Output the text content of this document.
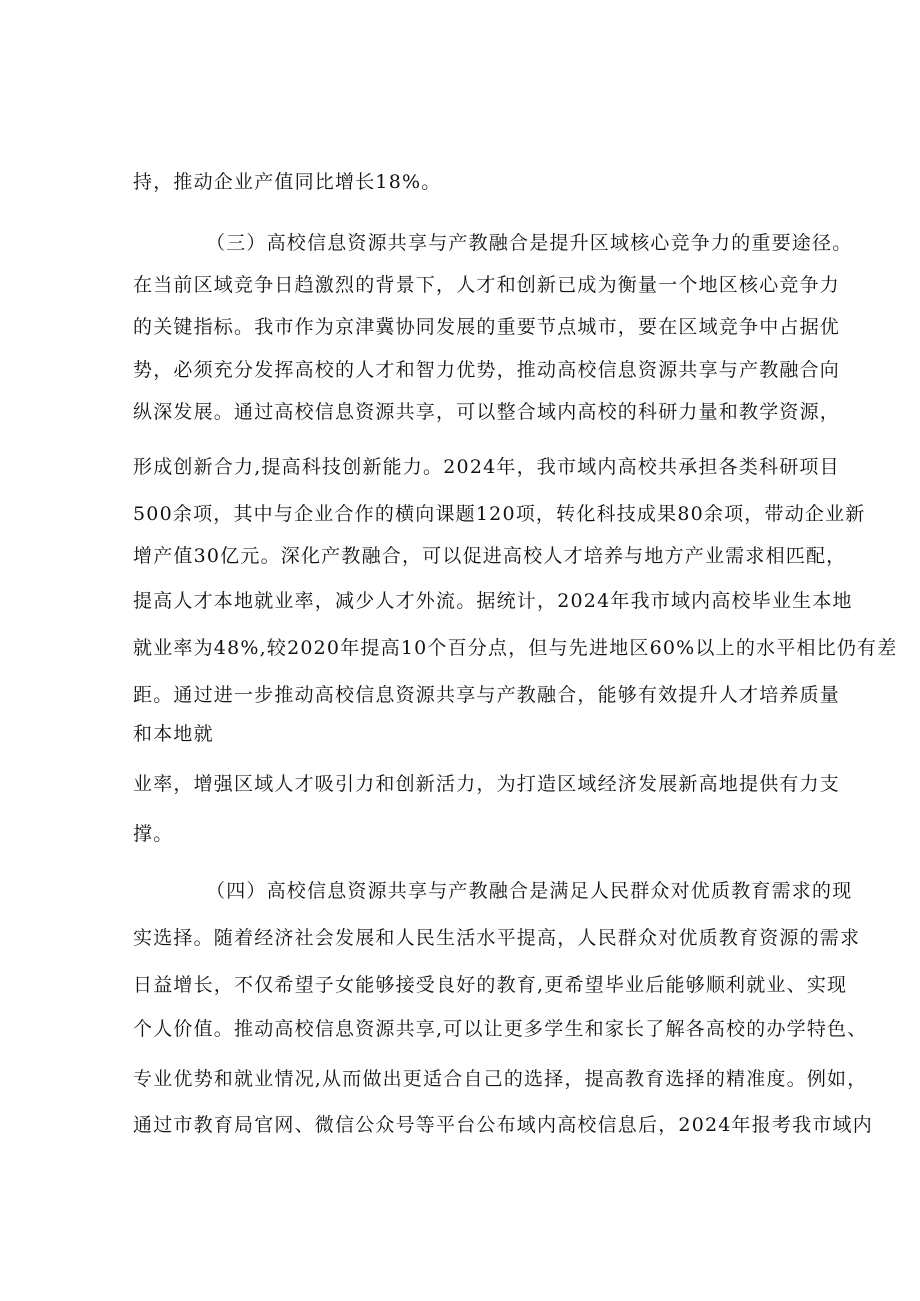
持，推动企业产值同比增长18%。
（三）高校信息资源共享与产教融合是提升区域核心竞争力的重要途径。
在当前区域竞争日趋激烈的背景下，人才和创新已成为衡量一个地区核心竞争力
的关键指标。我市作为京津冀协同发展的重要节点城市，要在区域竞争中占据优
势，必须充分发挥高校的人才和智力优势，推动高校信息资源共享与产教融合向
纵深发展。通过高校信息资源共享，可以整合域内高校的科研力量和教学资源，
形成创新合力,提高科技创新能力。2024年，我市域内高校共承担各类科研项目
500余项，其中与企业合作的横向课题120项，转化科技成果80余项，带动企业新
增产值30亿元。深化产教融合，可以促进高校人才培养与地方产业需求相匹配，
提高人才本地就业率，减少人才外流。据统计，2024年我市域内高校毕业生本地
就业率为48%,较2020年提高10个百分点，但与先进地区60%以上的水平相比仍有差
距。通过进一步推动高校信息资源共享与产教融合，能够有效提升人才培养质量
和本地就
业率，增强区域人才吸引力和创新活力，为打造区域经济发展新高地提供有力支
撑。
（四）高校信息资源共享与产教融合是满足人民群众对优质教育需求的现
实选择。随着经济社会发展和人民生活水平提高，人民群众对优质教育资源的需求
日益增长，不仅希望子女能够接受良好的教育,更希望毕业后能够顺利就业、实现
个人价值。推动高校信息资源共享,可以让更多学生和家长了解各高校的办学特色、
专业优势和就业情况,从而做出更适合自己的选择，提高教育选择的精准度。例如，
通过市教育局官网、微信公众号等平台公布域内高校信息后，2024年报考我市域内
